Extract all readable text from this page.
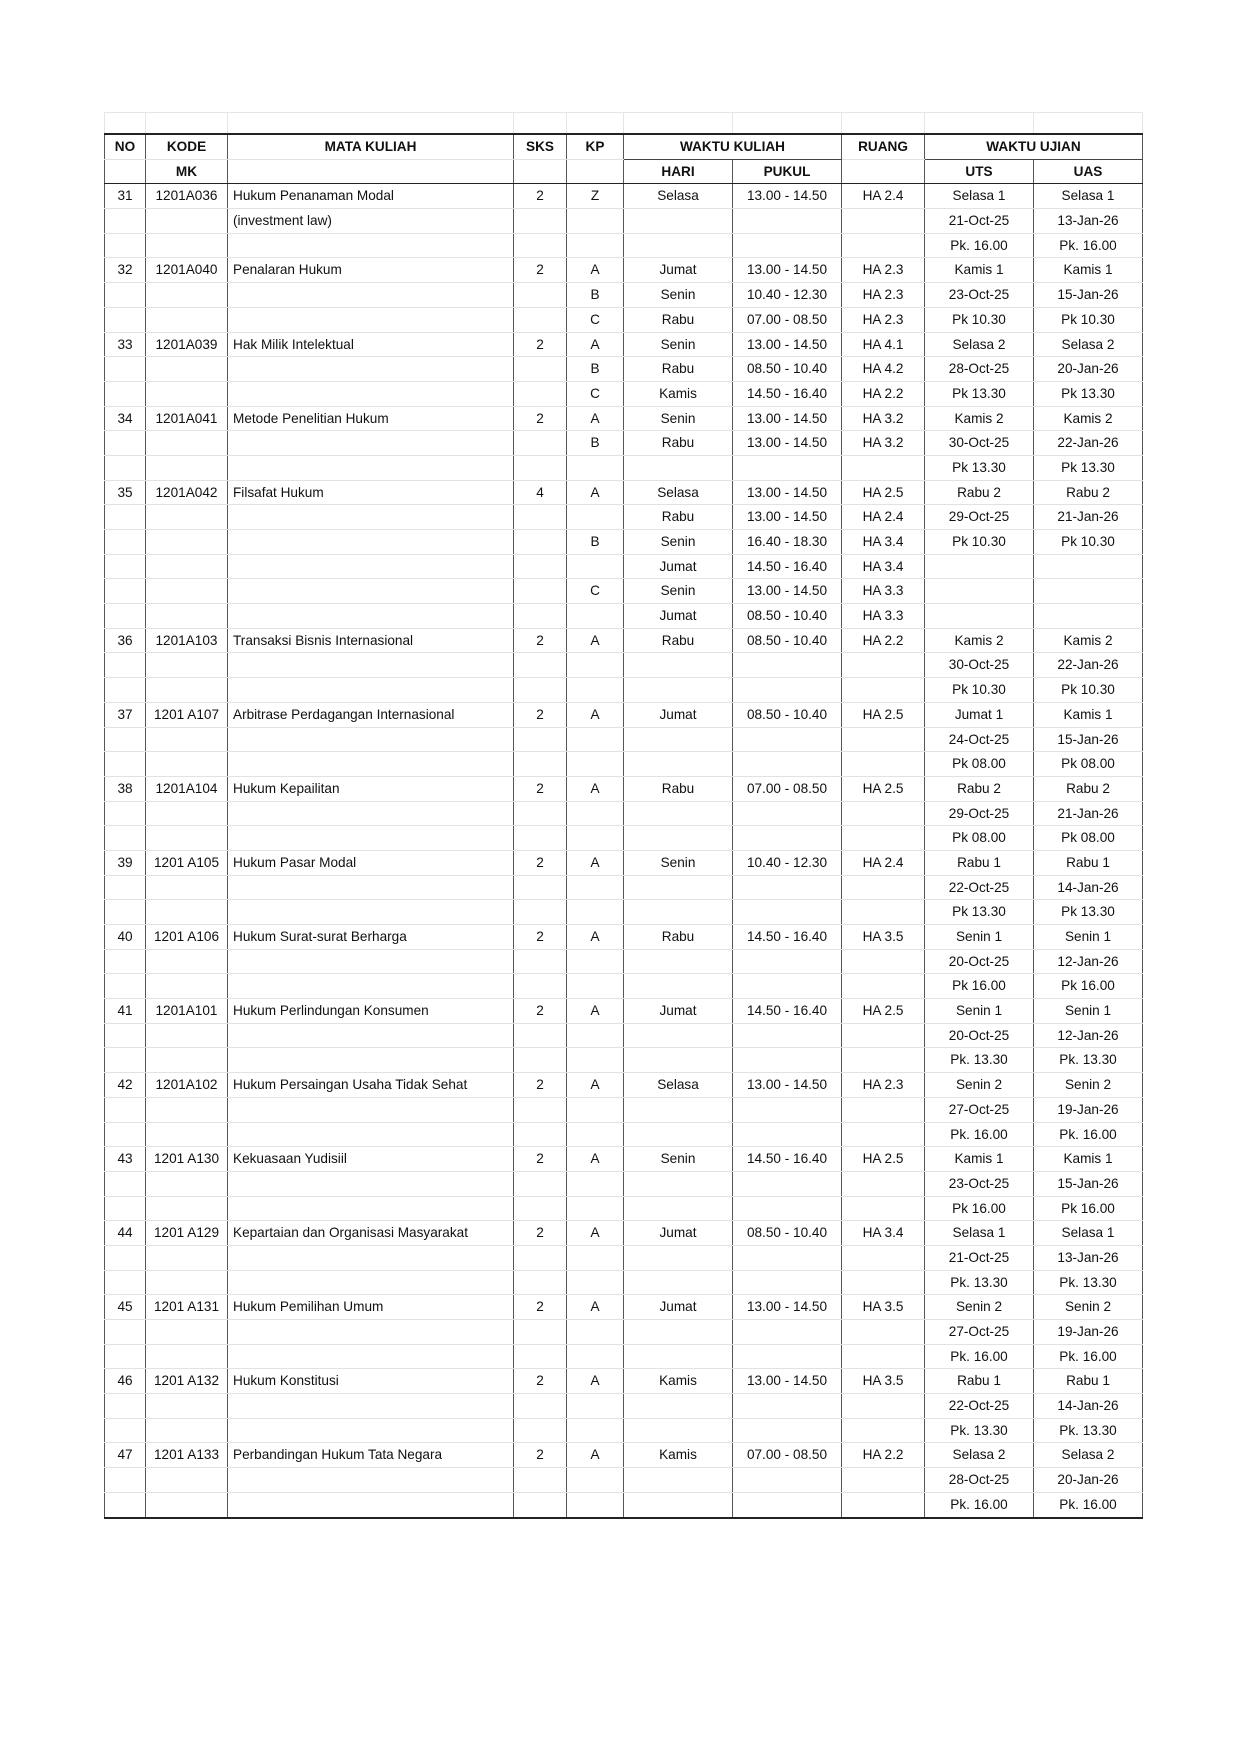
NO	KODE	MATA KULIAH	SKS	KP	WAKTU KULIAH		RUANG	WAKTU UJIAN	
	MK				HARI	PUKUL		UTS	UAS
31	1201A036	Hukum Penanaman Modal	2	Z	Selasa	13.00 - 14.50	HA 2.4	Selasa 1	Selasa 1
		(investment law)						21-Oct-25	13-Jan-26
								Pk. 16.00	Pk. 16.00
32	1201A040	Penalaran Hukum	2	A	Jumat	13.00 - 14.50	HA 2.3	Kamis 1	Kamis 1
				B	Senin	10.40 - 12.30	HA 2.3	23-Oct-25	15-Jan-26
				C	Rabu	07.00 - 08.50	HA 2.3	Pk 10.30	Pk 10.30
33	1201A039	Hak Milik Intelektual	2	A	Senin	13.00 - 14.50	HA 4.1	Selasa 2	Selasa 2
				B	Rabu	08.50 - 10.40	HA 4.2	28-Oct-25	20-Jan-26
				C	Kamis	14.50 - 16.40	HA 2.2	Pk 13.30	Pk 13.30
34	1201A041	Metode Penelitian Hukum	2	A	Senin	13.00 - 14.50	HA 3.2	Kamis 2	Kamis 2
				B	Rabu	13.00 - 14.50	HA 3.2	30-Oct-25	22-Jan-26
								Pk 13.30	Pk 13.30
35	1201A042	Filsafat Hukum	4	A	Selasa	13.00 - 14.50	HA 2.5	Rabu 2	Rabu 2
					Rabu	13.00 - 14.50	HA 2.4	29-Oct-25	21-Jan-26
				B	Senin	16.40 - 18.30	HA 3.4	Pk 10.30	Pk 10.30
					Jumat	14.50 - 16.40	HA 3.4		
				C	Senin	13.00 - 14.50	HA 3.3		
					Jumat	08.50 - 10.40	HA 3.3		
36	1201A103	Transaksi Bisnis Internasional	2	A	Rabu	08.50 - 10.40	HA 2.2	Kamis 2	Kamis 2
								30-Oct-25	22-Jan-26
								Pk 10.30	Pk 10.30
37	1201 A107	Arbitrase Perdagangan Internasional	2	A	Jumat	08.50 - 10.40	HA 2.5	Jumat 1	Kamis 1
								24-Oct-25	15-Jan-26
								Pk 08.00	Pk 08.00
38	1201A104	Hukum Kepailitan	2	A	Rabu	07.00 - 08.50	HA 2.5	Rabu 2	Rabu 2
								29-Oct-25	21-Jan-26
								Pk 08.00	Pk 08.00
39	1201 A105	Hukum Pasar Modal	2	A	Senin	10.40 - 12.30	HA 2.4	Rabu 1	Rabu 1
								22-Oct-25	14-Jan-26
								Pk 13.30	Pk 13.30
40	1201 A106	Hukum Surat-surat Berharga	2	A	Rabu	14.50 - 16.40	HA 3.5	Senin 1	Senin 1
								20-Oct-25	12-Jan-26
								Pk 16.00	Pk 16.00
41	1201A101	Hukum Perlindungan Konsumen	2	A	Jumat	14.50 - 16.40	HA 2.5	Senin 1	Senin 1
								20-Oct-25	12-Jan-26
								Pk. 13.30	Pk. 13.30
42	1201A102	Hukum Persaingan Usaha Tidak Sehat	2	A	Selasa	13.00 - 14.50	HA 2.3	Senin 2	Senin 2
								27-Oct-25	19-Jan-26
								Pk. 16.00	Pk. 16.00
43	1201 A130	Kekuasaan Yudisiil	2	A	Senin	14.50 - 16.40	HA 2.5	Kamis 1	Kamis 1
								23-Oct-25	15-Jan-26
								Pk 16.00	Pk 16.00
44	1201 A129	Kepartaian dan Organisasi Masyarakat	2	A	Jumat	08.50 - 10.40	HA 3.4	Selasa 1	Selasa 1
								21-Oct-25	13-Jan-26
								Pk. 13.30	Pk. 13.30
45	1201 A131	Hukum Pemilihan Umum	2	A	Jumat	13.00 - 14.50	HA 3.5	Senin 2	Senin 2
								27-Oct-25	19-Jan-26
								Pk. 16.00	Pk. 16.00
46	1201 A132	Hukum Konstitusi	2	A	Kamis	13.00 - 14.50	HA 3.5	Rabu 1	Rabu 1
								22-Oct-25	14-Jan-26
								Pk. 13.30	Pk. 13.30
47	1201 A133	Perbandingan Hukum Tata Negara	2	A	Kamis	07.00 - 08.50	HA 2.2	Selasa 2	Selasa 2
								28-Oct-25	20-Jan-26
								Pk. 16.00	Pk. 16.00
